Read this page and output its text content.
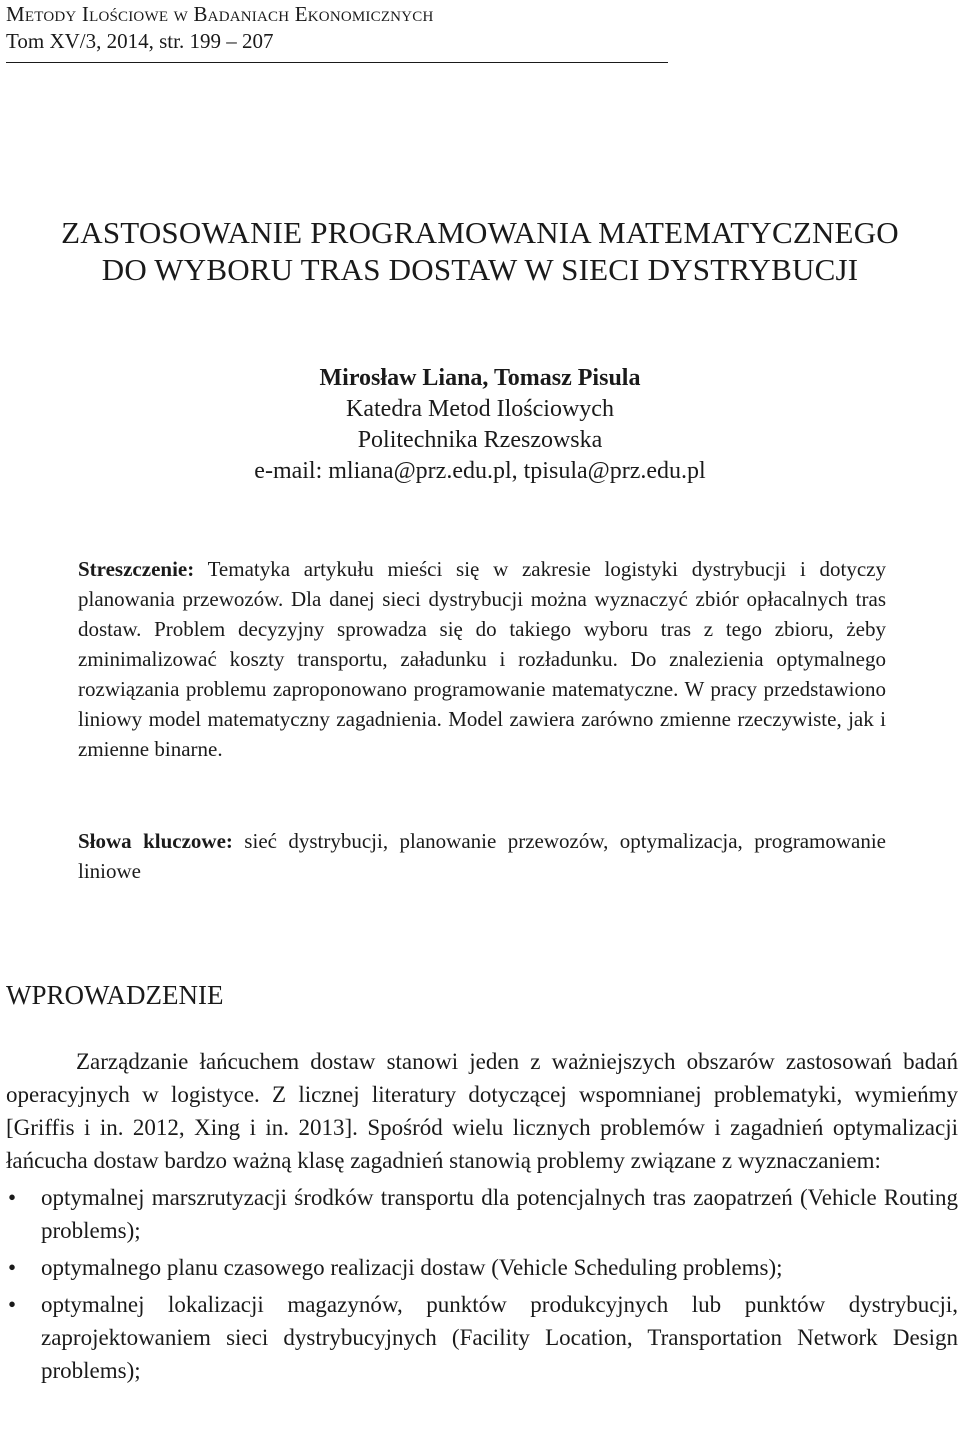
Metody Ilościowe w Badaniach Ekonomicznych
Tom XV/3, 2014, str. 199 – 207
ZASTOSOWANIE PROGRAMOWANIA MATEMATYCZNEGO
DO WYBORU TRAS DOSTAW W SIECI DYSTRYBUCJI
Mirosław Liana, Tomasz Pisula
Katedra Metod Ilościowych
Politechnika Rzeszowska
e-mail: mliana@prz.edu.pl, tpisula@prz.edu.pl
Streszczenie: Tematyka artykułu mieści się w zakresie logistyki dystrybucji i dotyczy planowania przewozów. Dla danej sieci dystrybucji można wyznaczyć zbiór opłacalnych tras dostaw. Problem decyzyjny sprowadza się do takiego wyboru tras z tego zbioru, żeby zminimalizować koszty transportu, załadunku i rozładunku. Do znalezienia optymalnego rozwiązania problemu zaproponowano programowanie matematyczne. W pracy przedstawiono liniowy model matematyczny zagadnienia. Model zawiera zarówno zmienne rzeczywiste, jak i zmienne binarne.
Słowa kluczowe: sieć dystrybucji, planowanie przewozów, optymalizacja, programowanie liniowe
WPROWADZENIE

Zarządzanie łańcuchem dostaw stanowi jeden z ważniejszych obszarów zastosowań badań operacyjnych w logistyce. Z licznej literatury dotyczącej wspomnianej problematyki, wymieńmy [Griffis i in. 2012, Xing i in. 2013]. Spośród wielu licznych problemów i zagadnień optymalizacji łańcucha dostaw bardzo ważną klasę zagadnień stanowią problemy związane z wyznaczaniem:

• optymalnej marszrutyzacji środków transportu dla potencjalnych tras zaopatrzeń (Vehicle Routing problems);
• optymalnego planu czasowego realizacji dostaw (Vehicle Scheduling problems);
• optymalnej lokalizacji magazynów, punktów produkcyjnych lub punktów dystrybucji, zaprojektowaniem sieci dystrybucyjnych (Facility Location, Transportation Network Design problems);
